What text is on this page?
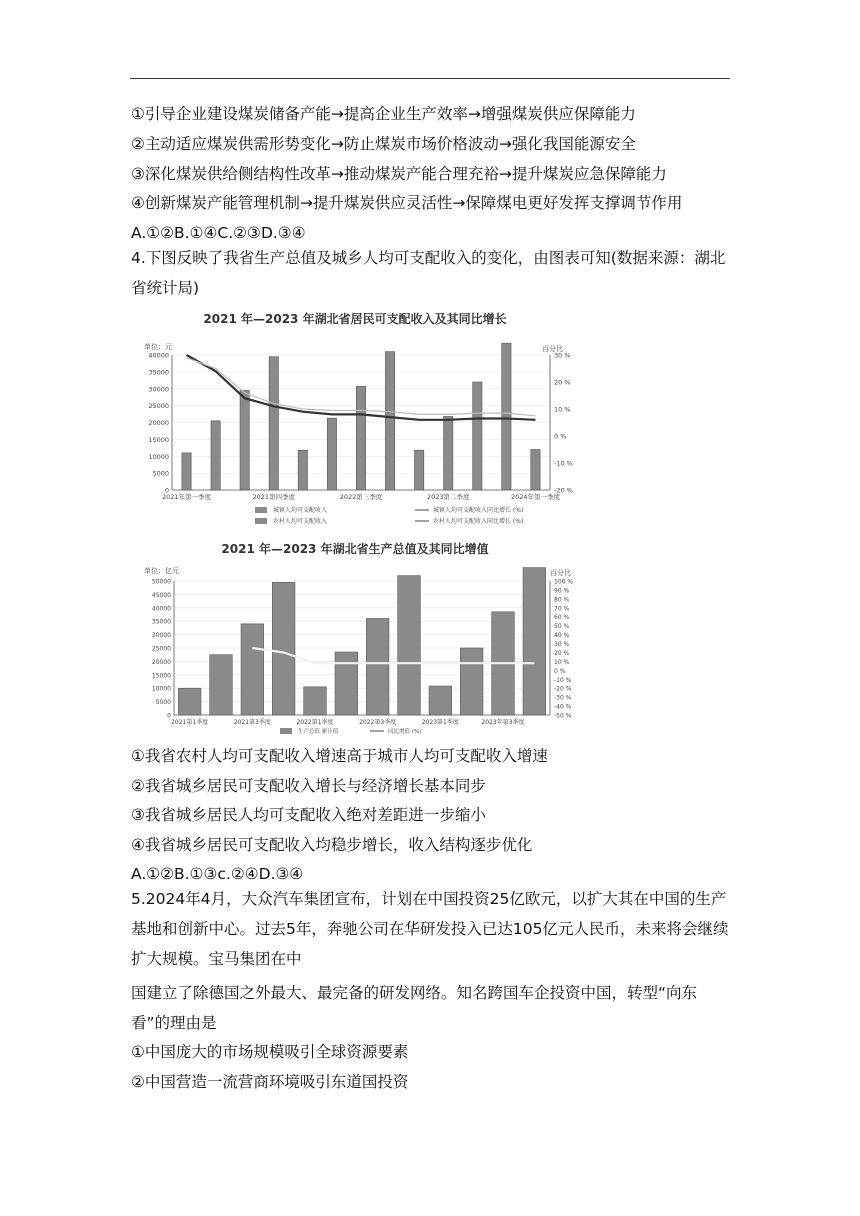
①引导企业建设煤炭储备产能→提高企业生产效率→增强煤炭供应保障能力
②主动适应煤炭供需形势变化→防止煤炭市场价格波动→强化我国能源安全
③深化煤炭供给侧结构性改革→推动煤炭产能合理充裕→提升煤炭应急保障能力
④创新煤炭产能管理机制→提升煤炭供应灵活性→保障煤电更好发挥支撑调节作用
A.①②B.①④C.②③D.③④
4.下图反映了我省生产总值及城乡人均可支配收入的变化，由图表可知(数据来源：湖北省统计局)
2021 年—2023 年湖北省居民可支配收入及其同比增长
单位：元	百分比
0
5000
10000
15000
20000
25000
30000
35000
40000
-20 %
-10 %
0 %
10 %
20 %
30 %
2021年第一季度	2021第四季度	2022第三季度	2023第二季度	2024年第一季度
城镇人均可支配收入	城镇人均可支配收入同比增长 (%)
农村人均可支配收入	农村人均可支配收入同比增长 (%)
2021 年—2023 年湖北省生产总值及其同比增值
单位：亿元	百分比
0
5000
10000
15000
20000
25000
30000
35000
40000
45000
50000
-50 %
-40 %
-30 %
-20 %
-10 %
0 %
10 %
20 %
30 %
40 %
50 %
60 %
70 %
80 %
90 %
100 %
2021第1季度	2021第3季度	2022第1季度	2022第3季度	2023第1季度	2023年第3季度
生产总值 累计值	同比增值 (%)
①我省农村人均可支配收入增速高于城市人均可支配收入增速
②我省城乡居民可支配收入增长与经济增长基本同步
③我省城乡居民人均可支配收入绝对差距进一步缩小
④我省城乡居民可支配收入均稳步增长，收入结构逐步优化
A.①②B.①③c.②④D.③④
5.2024年4月，大众汽车集团宣布，计划在中国投资25亿欧元，以扩大其在中国的生产基地和创新中心。过去5年，奔驰公司在华研发投入已达105亿元人民币，未来将会继续扩大规模。宝马集团在中
国建立了除德国之外最大、最完备的研发网络。知名跨国车企投资中国，转型“向东看”的理由是
①中国庞大的市场规模吸引全球资源要素
②中国营造一流营商环境吸引东道国投资
